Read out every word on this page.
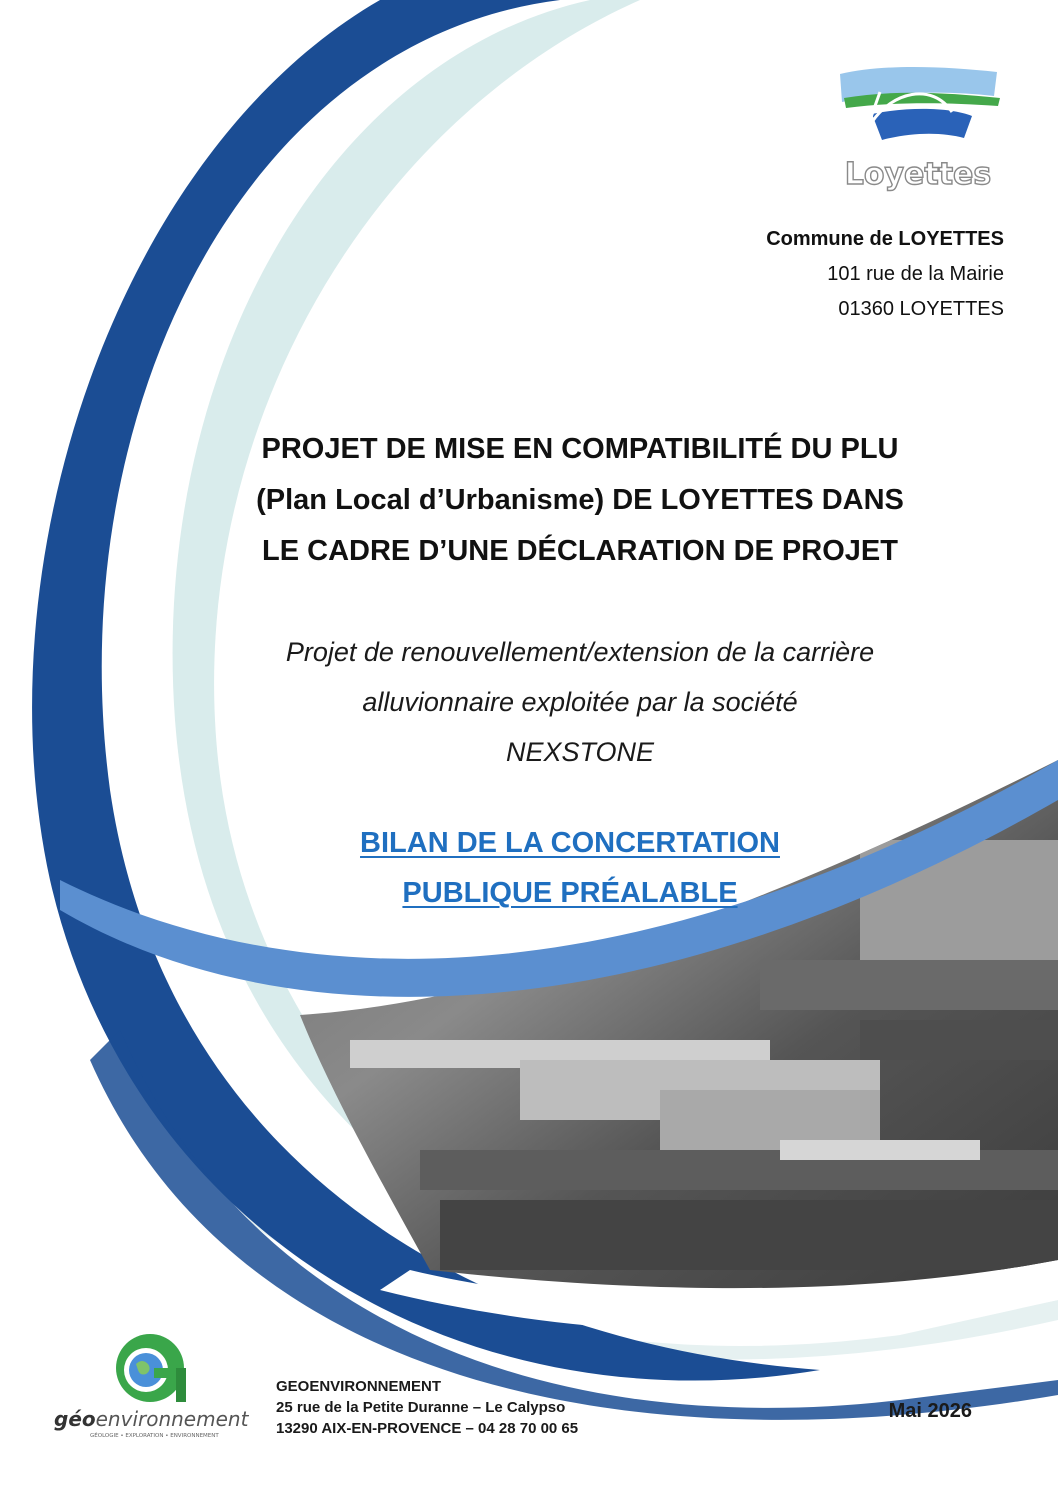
Loyettes
Commune de LOYETTES
101 rue de la Mairie
01360 LOYETTES
PROJET DE MISE EN COMPATIBILITÉ DU PLU
(Plan Local d’Urbanisme) DE LOYETTES DANS
LE CADRE D’UNE DÉCLARATION DE PROJET
Projet de renouvellement/extension de la carrière
alluvionnaire exploitée par la société
NEXSTONE
BILAN DE LA CONCERTATION
PUBLIQUE PRÉALABLE
géoenvironnement
GÉOLOGIE • EXPLORATION • ENVIRONNEMENT
GEOENVIRONNEMENT
25 rue de la Petite Duranne – Le Calypso
13290 AIX-EN-PROVENCE – 04 28 70 00 65
Mai 2026
